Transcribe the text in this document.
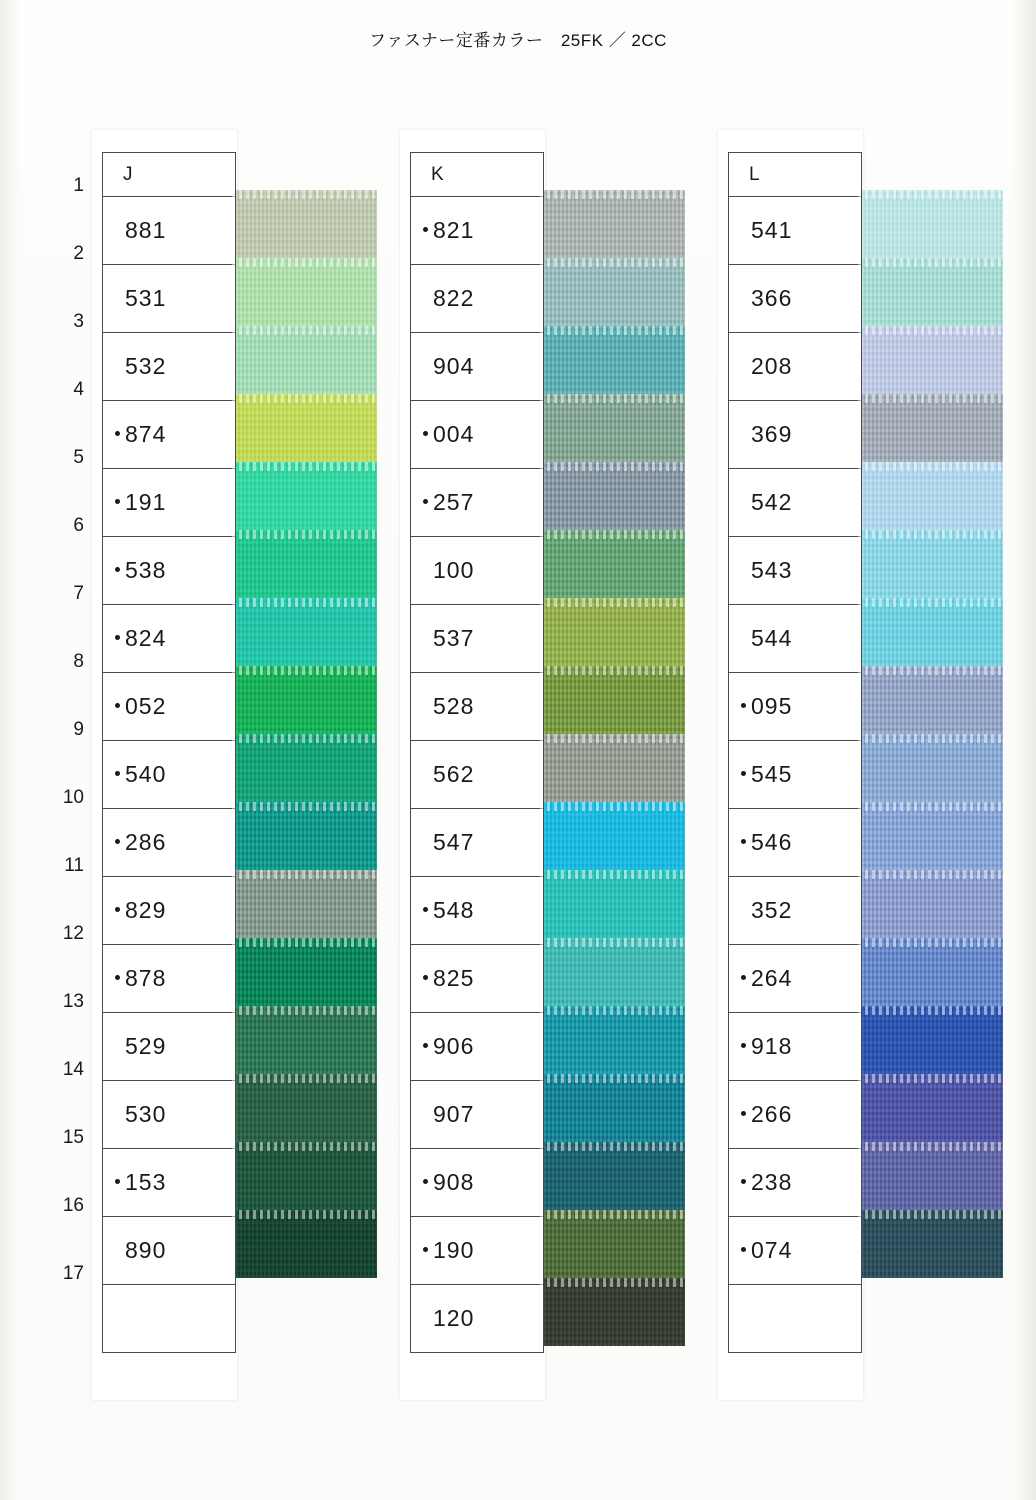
ファスナー定番カラー　25FK ／ 2CC
1
2
3
4
5
6
7
8
9
10
11
12
13
14
15
16
17
J
881
531
532
874
191
538
824
052
540
286
829
878
529
530
153
890
K
821
822
904
004
257
100
537
528
562
547
548
825
906
907
908
190
120
L
541
366
208
369
542
543
544
095
545
546
352
264
918
266
238
074
